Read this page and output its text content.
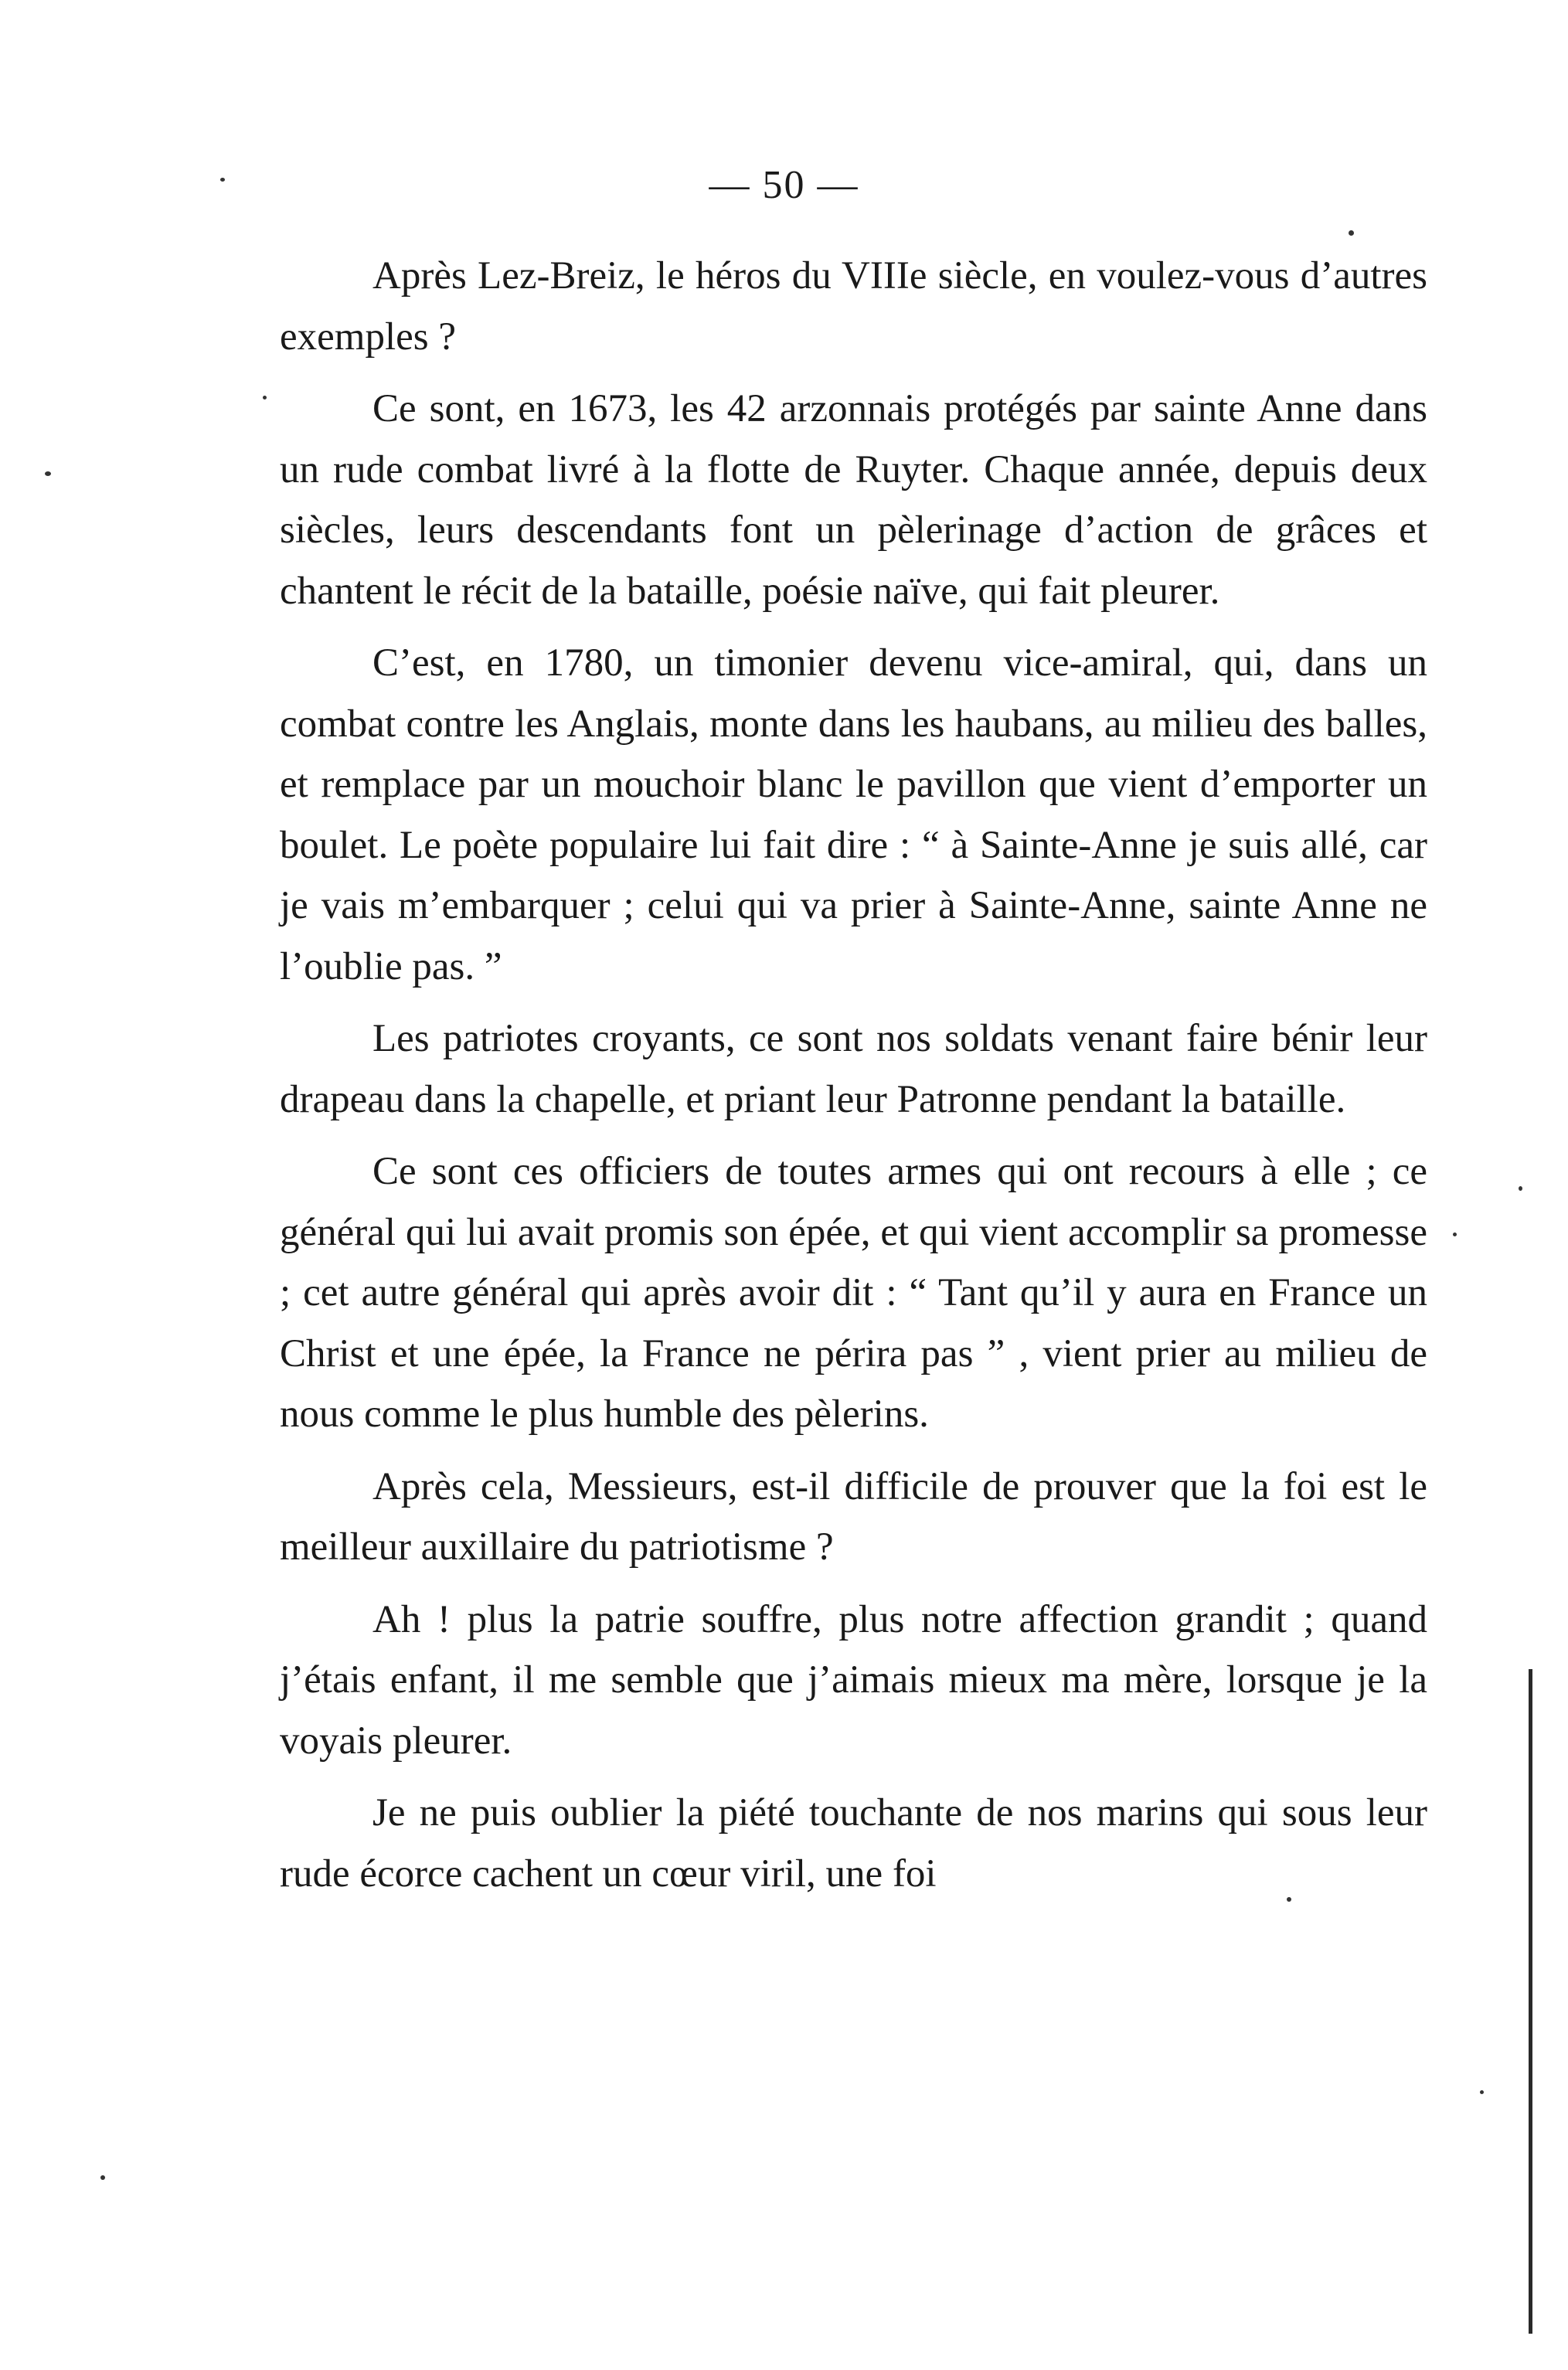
— 50 —

Après Lez-Breiz, le héros du VIIIe siècle, en voulez-vous d’autres exemples ?

Ce sont, en 1673, les 42 arzonnais protégés par sainte Anne dans un rude combat livré à la flotte de Ruyter. Chaque année, depuis deux siècles, leurs descendants font un pèlerinage d’action de grâces et chantent le récit de la bataille, poésie naïve, qui fait pleurer.

C’est, en 1780, un timonier devenu vice-amiral, qui, dans un combat contre les Anglais, monte dans les haubans, au milieu des balles, et remplace par un mouchoir blanc le pavillon que vient d’emporter un boulet. Le poète populaire lui fait dire : “ à Sainte-Anne je suis allé, car je vais m’embarquer ; celui qui va prier à Sainte-Anne, sainte Anne ne l’oublie pas. ”

Les patriotes croyants, ce sont nos soldats venant faire bénir leur drapeau dans la chapelle, et priant leur Patronne pendant la bataille.

Ce sont ces officiers de toutes armes qui ont recours à elle ; ce général qui lui avait promis son épée, et qui vient accomplir sa promesse ; cet autre général qui après avoir dit : “ Tant qu’il y aura en France un Christ et une épée, la France ne périra pas ” , vient prier au milieu de nous comme le plus humble des pèlerins.

Après cela, Messieurs, est-il difficile de prouver que la foi est le meilleur auxillaire du patriotisme ?

Ah ! plus la patrie souffre, plus notre affection grandit ; quand j’étais enfant, il me semble que j’aimais mieux ma mère, lorsque je la voyais pleurer.

Je ne puis oublier la piété touchante de nos marins qui sous leur rude écorce cachent un cœur viril, une foi
